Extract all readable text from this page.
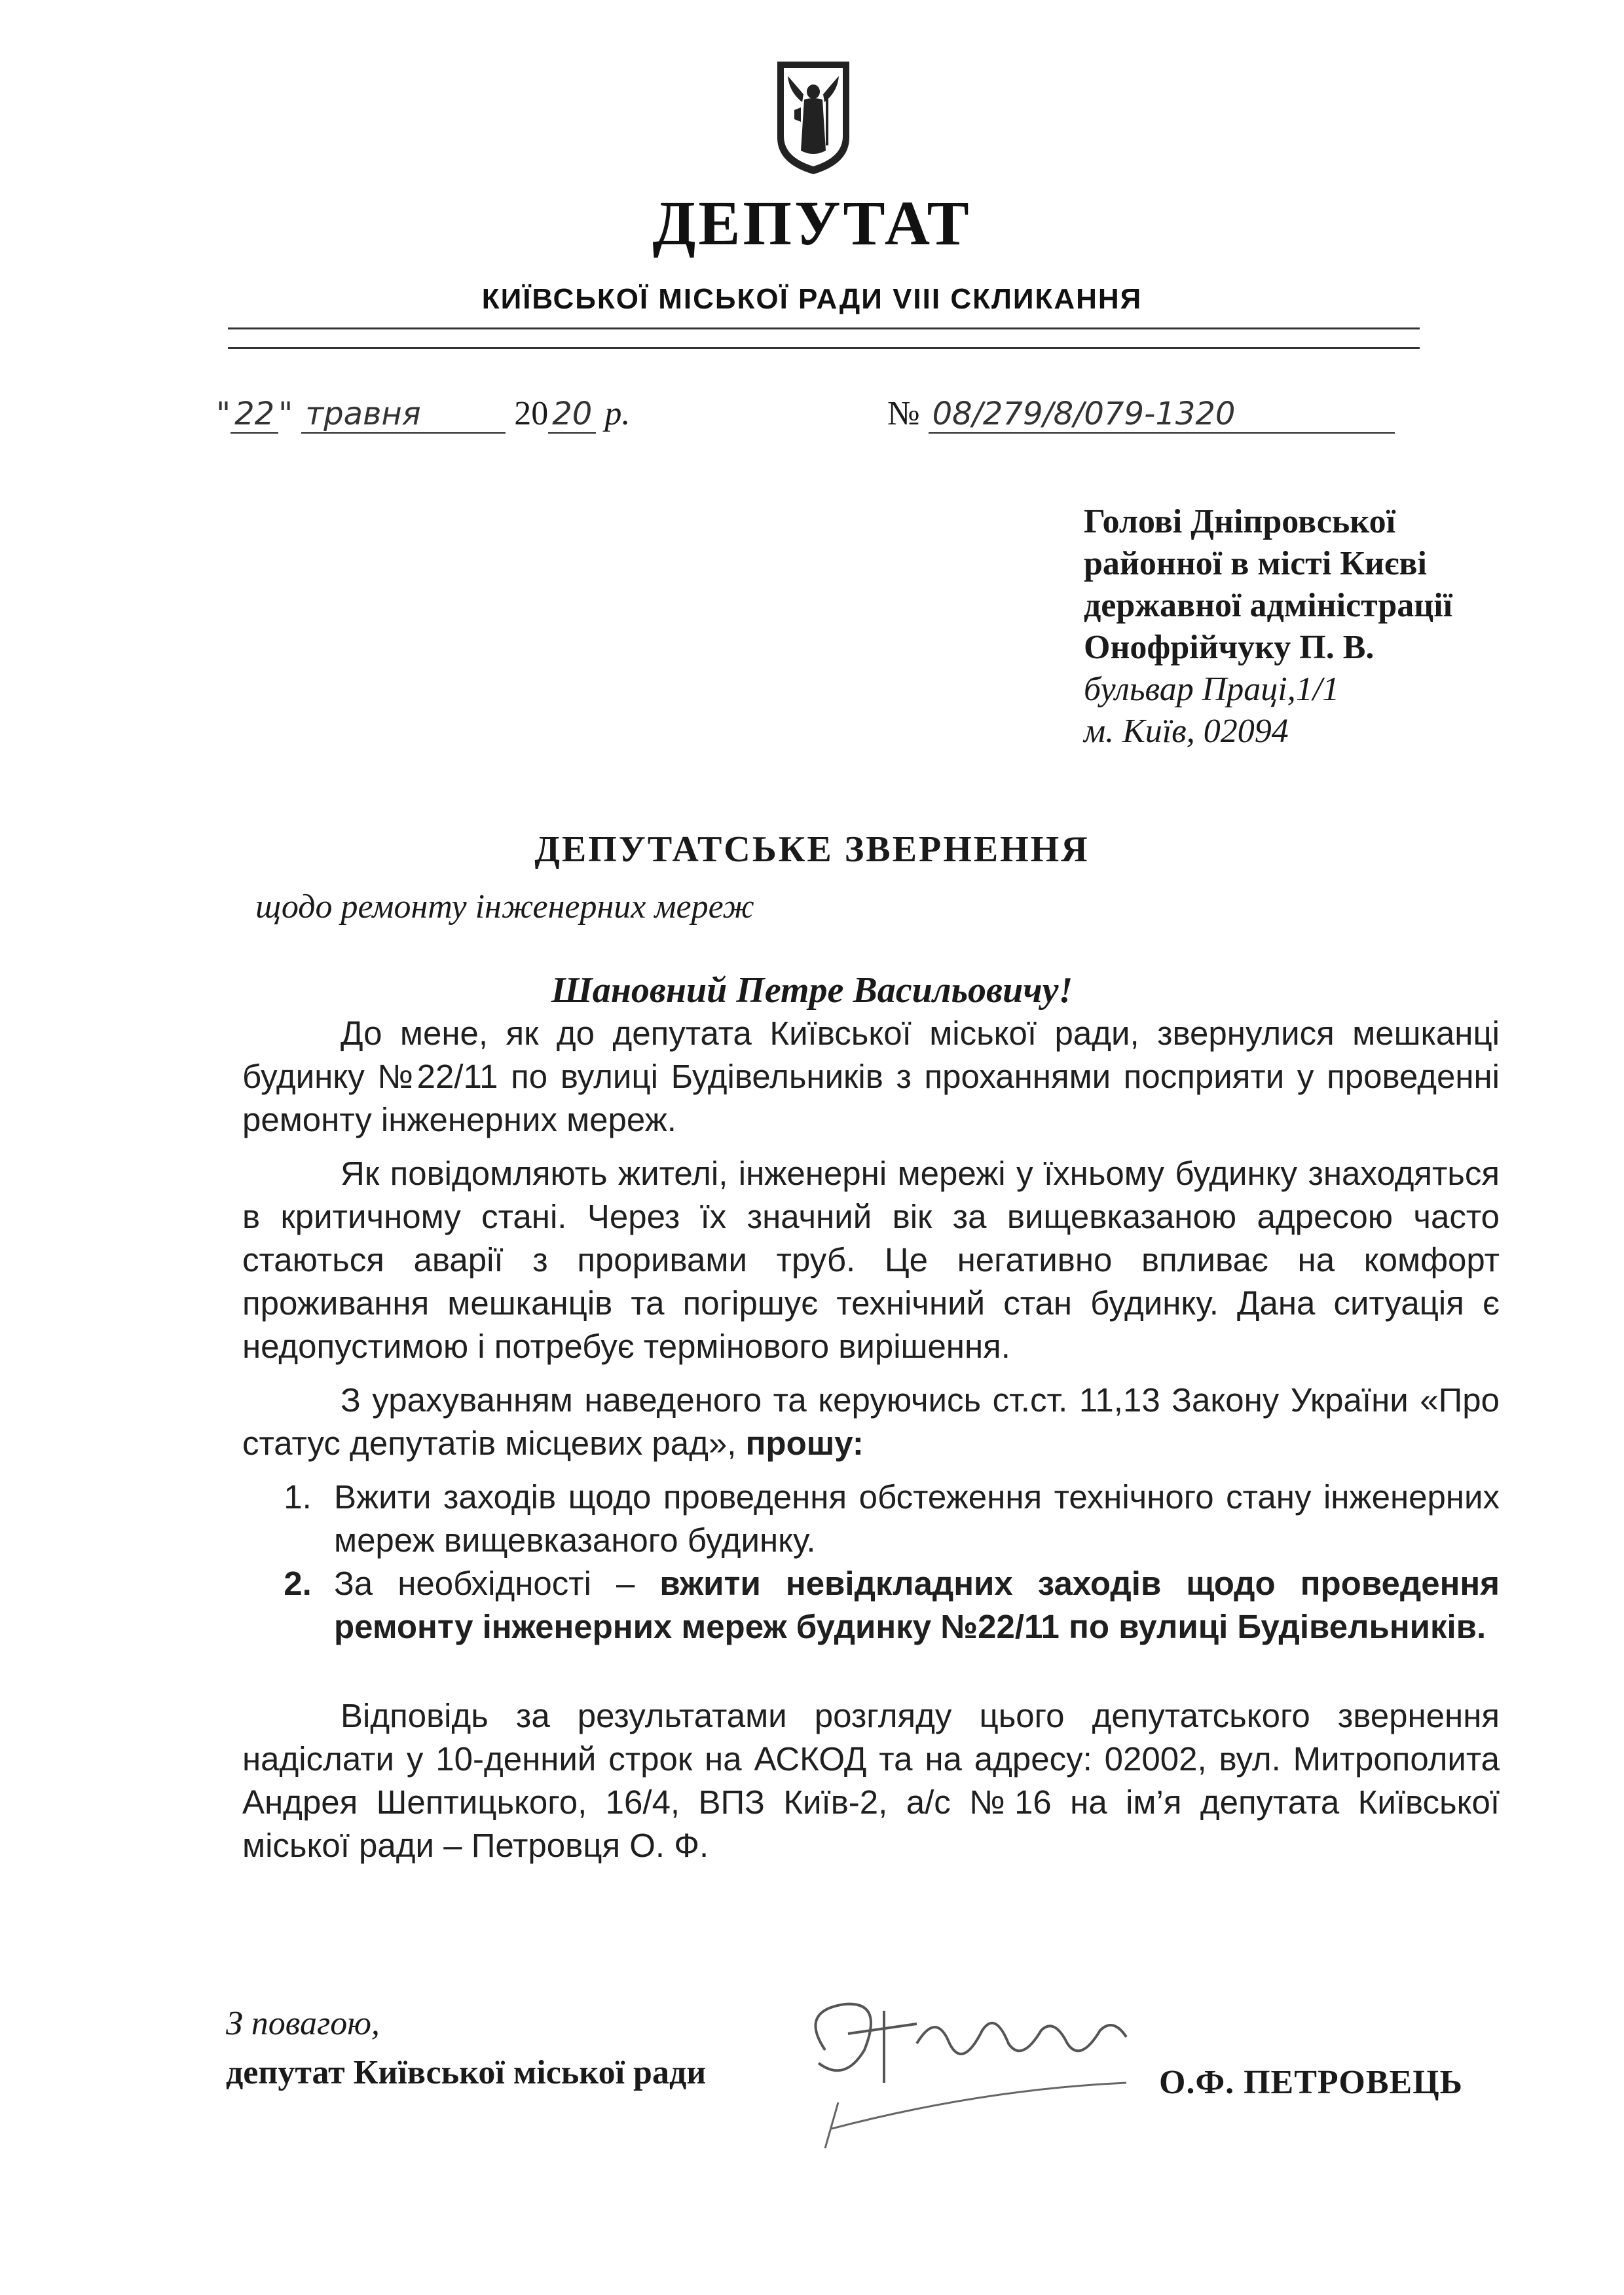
ДЕПУТАТ
КИЇВСЬКОЇ МІСЬКОЇ РАДИ VIII СКЛИКАННЯ
" 22 " травня	20 20 р.	№ 08/279/8/079-1320
Голові Дніпровської
районної в місті Києві
державної адміністрації
Онофрійчуку П. В.
бульвар Праці,1/1
м. Київ, 02094
ДЕПУТАТСЬКЕ ЗВЕРНЕННЯ
щодо ремонту інженерних мереж
Шановний Петре Васильовичу!

До мене, як до депутата Київської міської ради, звернулися мешканці будинку №22/11 по вулиці Будівельників з проханнями посприяти у проведенні ремонту інженерних мереж.

Як повідомляють жителі, інженерні мережі у їхньому будинку знаходяться в критичному стані. Через їх значний вік за вищевказаною адресою часто стаються аварії з проривами труб. Це негативно впливає на комфорт проживання мешканців та погіршує технічний стан будинку. Дана ситуація є недопустимою і потребує термінового вирішення.

З урахуванням наведеного та керуючись ст.ст. 11,13 Закону України «Про статус депутатів місцевих рад», прошу:

1. Вжити заходів щодо проведення обстеження технічного стану інженерних мереж вищевказаного будинку.
2. За необхідності – вжити невідкладних заходів щодо проведення ремонту інженерних мереж будинку №22/11 по вулиці Будівельників.

Відповідь за результатами розгляду цього депутатського звернення надіслати у 10-денний строк на АСКОД та на адресу: 02002, вул. Митрополита Андрея Шептицького, 16/4, ВПЗ Київ-2, а/с №16 на ім’я депутата Київської міської ради – Петровця О. Ф.

З повагою,
депутат Київської міської ради	О.Ф. ПЕТРОВЕЦЬ
